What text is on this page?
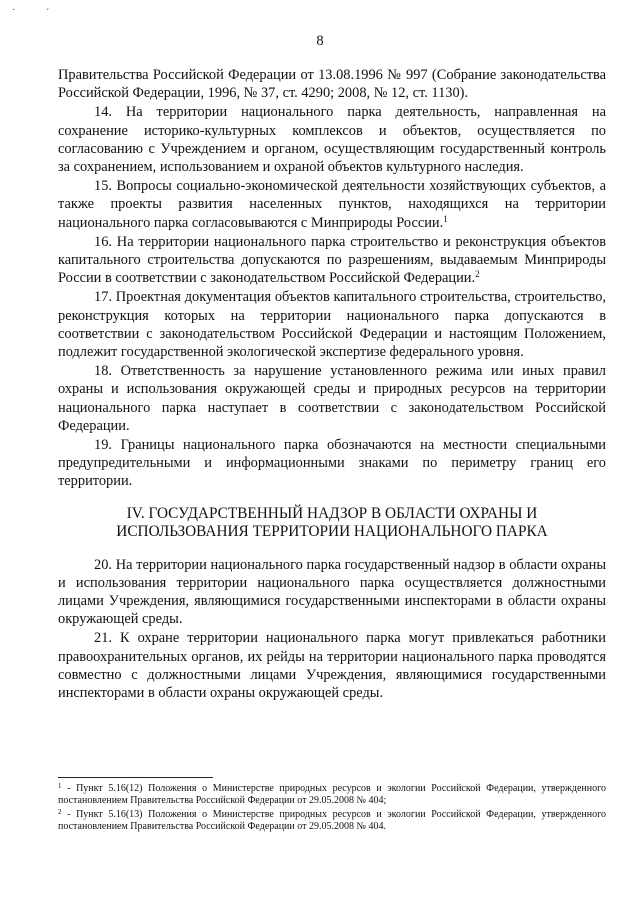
˙ ˊ
8

Правительства Российской Федерации от 13.08.1996 № 997 (Собрание законодательства Российской Федерации, 1996, № 37, ст. 4290; 2008, № 12, ст. 1130).

14. На территории национального парка деятельность, направленная на сохранение историко-культурных комплексов и объектов, осуществляется по согласованию с Учреждением и органом, осуществляющим государственный контроль за сохранением, использованием и охраной объектов культурного наследия.

15. Вопросы социально-экономической деятельности хозяйствующих субъектов, а также проекты развития населенных пунктов, находящихся на территории национального парка согласовываются с Минприроды России.$^1$

16. На территории национального парка строительство и реконструкция объектов капитального строительства допускаются по разрешениям, выдаваемым Минприроды России в соответствии с законодательством Российской Федерации.$^2$

17. Проектная документация объектов капитального строительства, строительство, реконструкция которых на территории национального парка допускаются в соответствии с законодательством Российской Федерации и настоящим Положением, подлежит государственной экологической экспертизе федерального уровня.

18. Ответственность за нарушение установленного режима или иных правил охраны и использования окружающей среды и природных ресурсов на территории национального парка наступает в соответствии с законодательством Российской Федерации.

19. Границы национального парка обозначаются на местности специальными предупредительными и информационными знаками по периметру границ его территории.

IV. ГОСУДАРСТВЕННЫЙ НАДЗОР В ОБЛАСТИ ОХРАНЫ И
ИСПОЛЬЗОВАНИЯ ТЕРРИТОРИИ НАЦИОНАЛЬНОГО ПАРКА

20. На территории национального парка государственный надзор в области охраны и использования территории национального парка осуществляется должностными лицами Учреждения, являющимися государственными инспекторами в области охраны окружающей среды.

21. К охране территории национального парка могут привлекаться работники правоохранительных органов, их рейды на территории национального парка проводятся совместно с должностными лицами Учреждения, являющимися государственными инспекторами в области охраны окружающей среды.

$^1$ - Пункт 5.16(12) Положения о Министерстве природных ресурсов и экологии Российской Федерации, утвержденного постановлением Правительства Российской Федерации от 29.05.2008 № 404;

$^2$ - Пункт 5.16(13) Положения о Министерстве природных ресурсов и экологии Российской Федерации, утвержденного постановлением Правительства Российской Федерации от 29.05.2008 № 404.
